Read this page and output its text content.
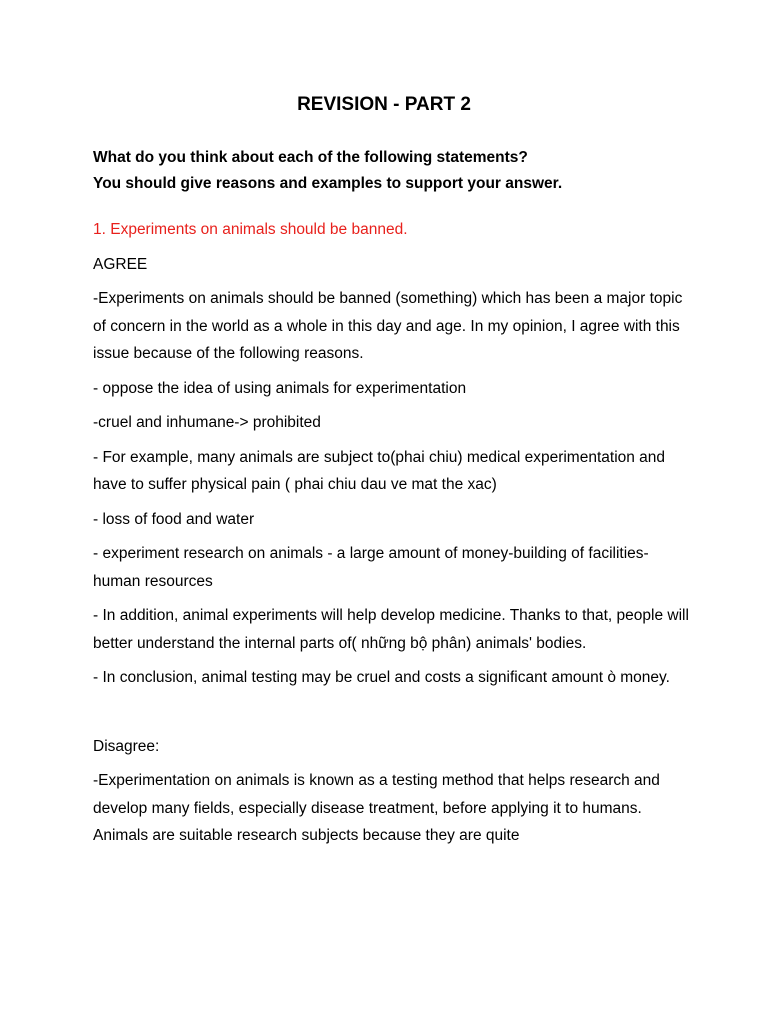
REVISION - PART 2
What do you think about each of the following statements?
You should give reasons and examples to support your answer.

1. Experiments on animals should be banned.

AGREE

-Experiments on animals should be banned (something) which has been a major topic of concern in the world as a whole in this day and age. In my opinion, I agree with this issue because of the following reasons.

- oppose the idea of using animals for experimentation

-cruel and inhumane-> prohibited

- For example, many animals are subject to(phai chiu) medical experimentation and have to suffer physical pain ( phai chiu dau ve mat the xac)

- loss of food and water

- experiment research on animals - a large amount of money-building of facilities- human resources

- In addition, animal experiments will help develop medicine. Thanks to that, people will better understand the internal parts of( những bộ phân) animals' bodies.

- In conclusion, animal testing may be cruel and costs a significant amount ò money.

Disagree:

-Experimentation on animals is known as a testing method that helps research and develop many fields, especially disease treatment, before applying it to humans. Animals are suitable research subjects because they are quite
